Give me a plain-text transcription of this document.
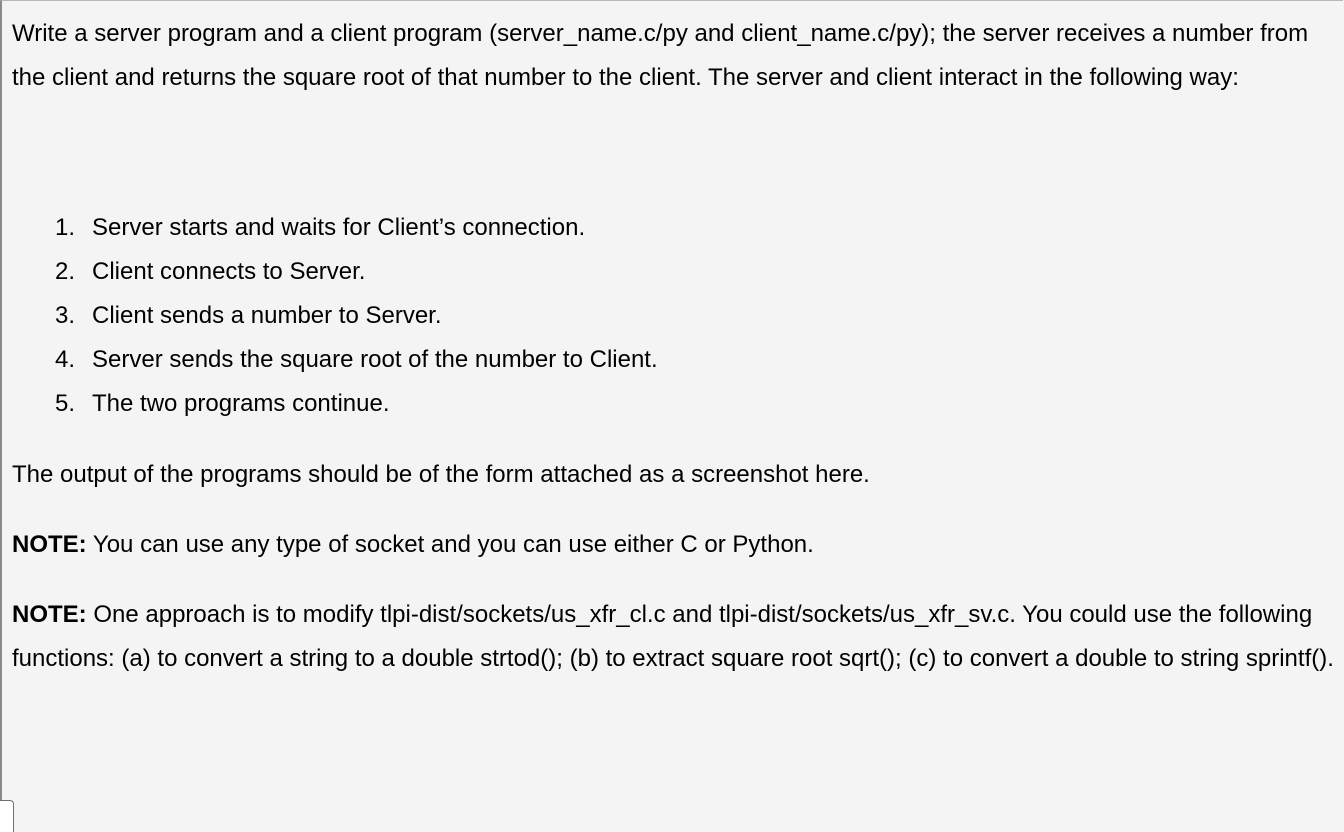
Write a server program and a client program (server_name.c/py and client_name.c/py); the server receives a number from the client and returns the square root of that number to the client. The server and client interact in the following way:

1. Server starts and waits for Client’s connection.
2. Client connects to Server.
3. Client sends a number to Server.
4. Server sends the square root of the number to Client.
5. The two programs continue.

The output of the programs should be of the form attached as a screenshot here.

NOTE: You can use any type of socket and you can use either C or Python.

NOTE: One approach is to modify tlpi-dist/sockets/us_xfr_cl.c and tlpi-dist/sockets/us_xfr_sv.c. You could use the following functions: (a) to convert a string to a double strtod(); (b) to extract square root sqrt(); (c) to convert a double to string sprintf().
